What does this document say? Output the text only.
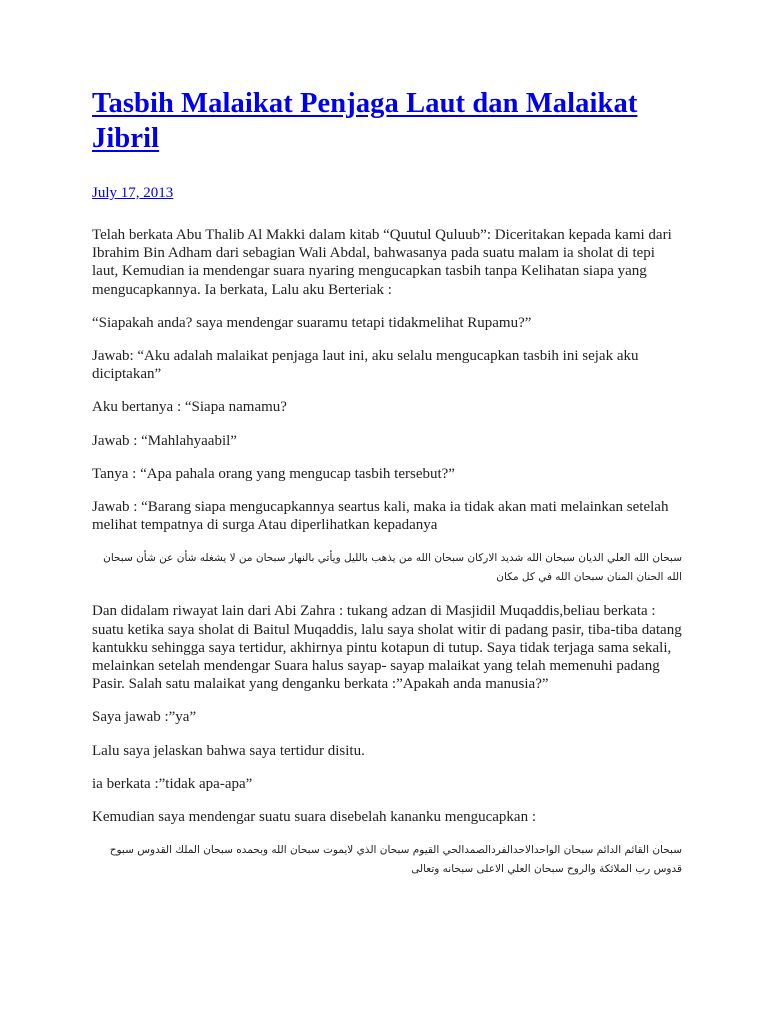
Tasbih Malaikat Penjaga Laut dan Malaikat Jibril
July 17, 2013

Telah berkata Abu Thalib Al Makki dalam kitab “Quutul Quluub”: Diceritakan kepada kami dari Ibrahim Bin Adham dari sebagian Wali Abdal, bahwasanya pada suatu malam ia sholat di tepi laut, Kemudian ia mendengar suara nyaring mengucapkan tasbih tanpa Kelihatan siapa yang mengucapkannya. Ia berkata, Lalu aku Berteriak :

“Siapakah anda? saya mendengar suaramu tetapi tidakmelihat Rupamu?”

Jawab: “Aku adalah malaikat penjaga laut ini, aku selalu mengucapkan tasbih ini sejak aku diciptakan”

Aku bertanya : “Siapa namamu?

Jawab : “Mahlahyaabil”

Tanya : “Apa pahala orang yang mengucap tasbih tersebut?”

Jawab : “Barang siapa mengucapkannya seartus kali, maka ia tidak akan mati melainkan setelah melihat tempatnya di surga Atau diperlihatkan kepadanya

سبحان الله العلي الديان سبحان الله شديد الاركان سبحان الله من يذهب بالليل ويأتي بالنهار سبحان من لا يشغله شأن عن شأن سبحان الله الحنان المنان سبحان الله في كل مكان

Dan didalam riwayat lain dari Abi Zahra : tukang adzan di Masjidil Muqaddis,beliau berkata : suatu ketika saya sholat di Baitul Muqaddis, lalu saya sholat witir di padang pasir, tiba-tiba datang kantukku sehingga saya tertidur, akhirnya pintu kotapun di tutup. Saya tidak terjaga sama sekali, melainkan setelah mendengar Suara halus sayap- sayap malaikat yang telah memenuhi padang Pasir. Salah satu malaikat yang denganku berkata :”Apakah anda manusia?”

Saya jawab :”ya”

Lalu saya jelaskan bahwa saya tertidur disitu.

ia berkata :”tidak apa-apa”

Kemudian saya mendengar suatu suara disebelah kananku mengucapkan :

سبحان القائم الدائم سبحان الواحدالاحدالفردالصمدالحي القيوم سبحان الذي لايموت سبحان الله وبحمده سبحان الملك القدوس سبوح قدوس رب الملائكة والروح سبحان العلي الاعلى سبحانه وتعالى
